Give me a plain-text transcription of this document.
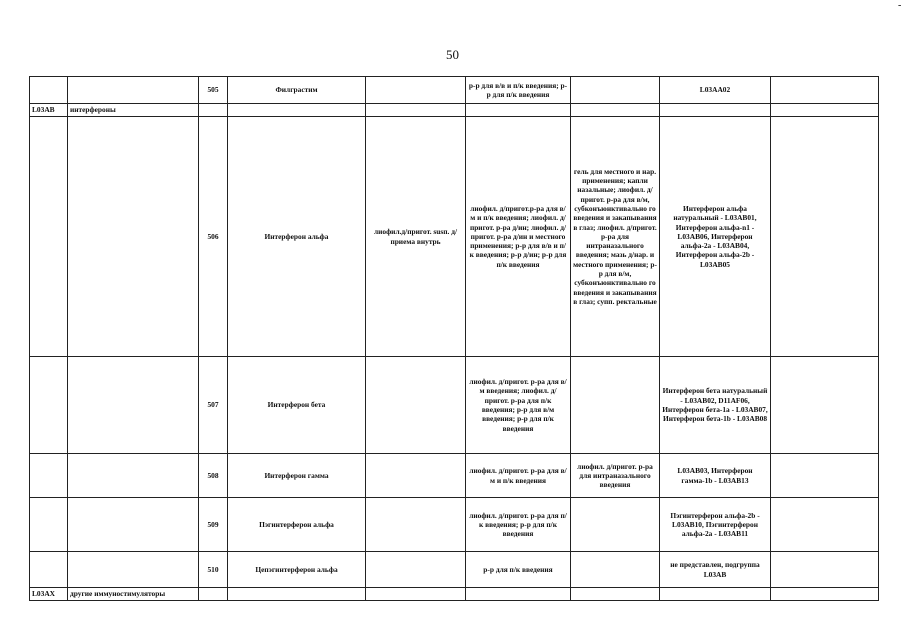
50
-
		505	Филграстим		р-р для в/в и п/к введения; р-р для п/к введения		L03AA02	
L03AB	интерфероны							
		506	Интерферон альфа	лиофил.д/пригот. susп. д/приема внутрь	лиофил. д/пригот.р-ра для в/м и п/к введения; лиофил. д/пригот. р-ра д/ин; лиофил. д/пригот. р-ра д/ин и местного применения; р-р для в/в и п/к введения; р-р д/ин; р-р для п/к введения	гель для местного и нар. применения; капли назальные; лиофил. д/пригот. р-ра для в/м, субконъюнктивально го введения и закапывания в глаз; лиофил. д/пригот. р-ра для интраназального введения; мазь д/нар. и местного применения; р-р для в/м, субконъюнктивально го введения и закапывания в глаз; супп. ректальные	Интерферон альфа натуральный - L03AB01, Интерферон альфа-n1 - L03AB06, Интерферон альфа-2а - L03AB04, Интерферон альфа-2b - L03AB05	
		507	Интерферон бета		лиофил. д/пригот. р-ра для в/м введения; лиофил. д/пригот. р-ра для п/к введения; р-р для в/м введения; р-р для п/к введения		Интерферон бета натуральный - L03AB02, D11AF06, Интерферон бета-1а - L03AB07, Интерферон бета-1b - L03AB08	
		508	Интерферон гамма		лиофил. д/пригот. р-ра для в/м и п/к введения	лиофил. д/пригот. р-ра для интраназального введения	L03AB03, Интерферон гамма-1b - L03AB13	
		509	Пэгинтерферон альфа		лиофил. д/пригот. р-ра для п/к введения; р-р для п/к введения		Пэгинтерферон альфа-2b - L03AB10, Пэгинтерферон альфа-2а - L03AB11	
		510	Цепэгинтерферон альфа		р-р для п/к введения		не представлен, подгруппа L03AB	
L03AX	другие иммуностимуляторы							
